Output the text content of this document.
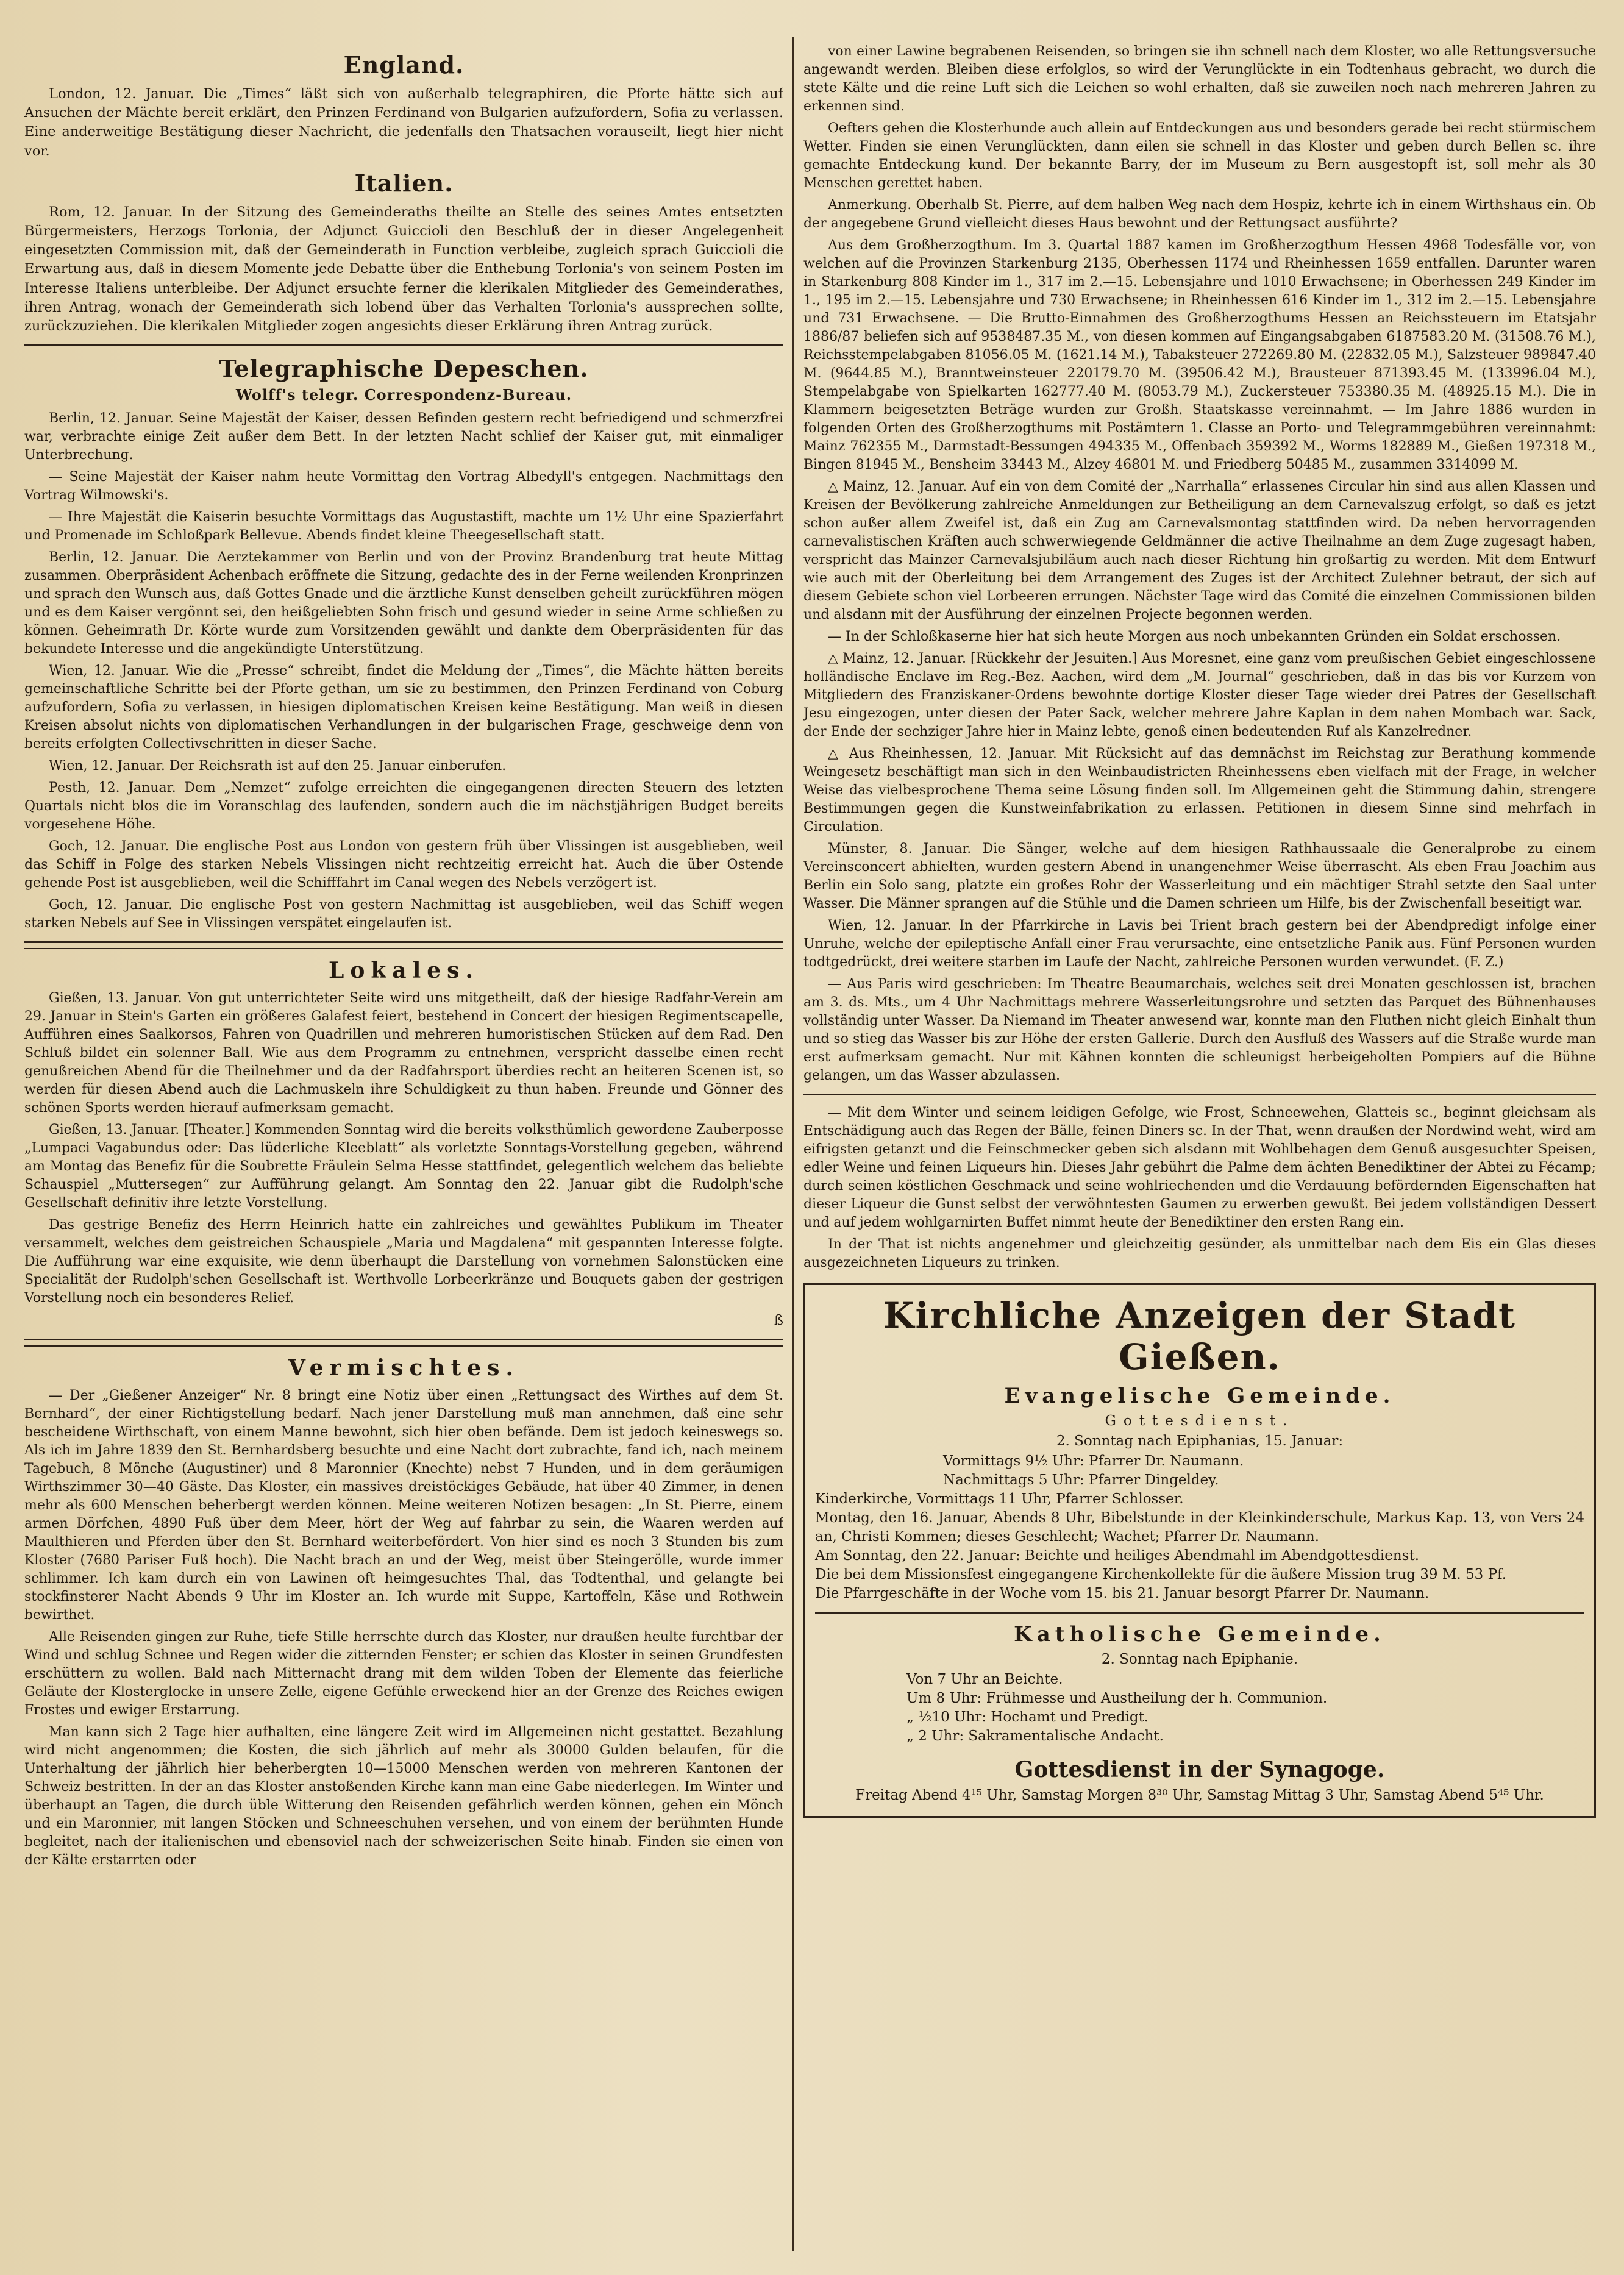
England.

London, 12. Januar. Die „Times“ läßt sich von außerhalb telegraphiren, die Pforte hätte sich auf Ansuchen der Mächte bereit erklärt, den Prinzen Ferdinand von Bulgarien aufzufordern, Sofia zu verlassen. Eine anderweitige Bestätigung dieser Nachricht, die jedenfalls den Thatsachen vorauseilt, liegt hier nicht vor.

Italien.

Rom, 12. Januar. In der Sitzung des Gemeinderaths theilte an Stelle des seines Amtes entsetzten Bürgermeisters, Herzogs Torlonia, der Adjunct Guiccioli den Beschluß der in dieser Angelegenheit eingesetzten Commission mit, daß der Gemeinderath in Function verbleibe, zugleich sprach Guiccioli die Erwartung aus, daß in diesem Momente jede Debatte über die Enthebung Torlonia's von seinem Posten im Interesse Italiens unterbleibe. Der Adjunct ersuchte ferner die klerikalen Mitglieder des Gemeinderathes, ihren Antrag, wonach der Gemeinderath sich lobend über das Verhalten Torlonia's aussprechen sollte, zurückzuziehen. Die klerikalen Mitglieder zogen angesichts dieser Erklärung ihren Antrag zurück.

Telegraphische Depeschen.
Wolff's telegr. Correspondenz-Bureau.

Berlin, 12. Januar. Seine Majestät der Kaiser, dessen Befinden gestern recht befriedigend und schmerzfrei war, verbrachte einige Zeit außer dem Bett. In der letzten Nacht schlief der Kaiser gut, mit einmaliger Unterbrechung.

— Seine Majestät der Kaiser nahm heute Vormittag den Vortrag Albedyll's entgegen. Nachmittags den Vortrag Wilmowski's.

— Ihre Majestät die Kaiserin besuchte Vormittags das Augustastift, machte um 1½ Uhr eine Spazierfahrt und Promenade im Schloßpark Bellevue. Abends findet kleine Theegesellschaft statt.

Berlin, 12. Januar. Die Aerztekammer von Berlin und von der Provinz Brandenburg trat heute Mittag zusammen. Oberpräsident Achenbach eröffnete die Sitzung, gedachte des in der Ferne weilenden Kronprinzen und sprach den Wunsch aus, daß Gottes Gnade und die ärztliche Kunst denselben geheilt zurückführen mögen und es dem Kaiser vergönnt sei, den heißgeliebten Sohn frisch und gesund wieder in seine Arme schließen zu können. Geheimrath Dr. Körte wurde zum Vorsitzenden gewählt und dankte dem Oberpräsidenten für das bekundete Interesse und die angekündigte Unterstützung.

Wien, 12. Januar. Wie die „Presse“ schreibt, findet die Meldung der „Times“, die Mächte hätten bereits gemeinschaftliche Schritte bei der Pforte gethan, um sie zu bestimmen, den Prinzen Ferdinand von Coburg aufzufordern, Sofia zu verlassen, in hiesigen diplomatischen Kreisen keine Bestätigung. Man weiß in diesen Kreisen absolut nichts von diplomatischen Verhandlungen in der bulgarischen Frage, geschweige denn von bereits erfolgten Collectivschritten in dieser Sache.

Wien, 12. Januar. Der Reichsrath ist auf den 25. Januar einberufen.

Pesth, 12. Januar. Dem „Nemzet“ zufolge erreichten die eingegangenen directen Steuern des letzten Quartals nicht blos die im Voranschlag des laufenden, sondern auch die im nächstjährigen Budget bereits vorgesehene Höhe.

Goch, 12. Januar. Die englische Post aus London von gestern früh über Vlissingen ist ausgeblieben, weil das Schiff in Folge des starken Nebels Vlissingen nicht rechtzeitig erreicht hat. Auch die über Ostende gehende Post ist ausgeblieben, weil die Schifffahrt im Canal wegen des Nebels verzögert ist.

Goch, 12. Januar. Die englische Post von gestern Nachmittag ist ausgeblieben, weil das Schiff wegen starken Nebels auf See in Vlissingen verspätet eingelaufen ist.

Lokales.

Gießen, 13. Januar. Von gut unterrichteter Seite wird uns mitgetheilt, daß der hiesige Radfahr-Verein am 29. Januar in Stein's Garten ein größeres Galafest feiert, bestehend in Concert der hiesigen Regimentscapelle, Aufführen eines Saalkorsos, Fahren von Quadrillen und mehreren humoristischen Stücken auf dem Rad. Den Schluß bildet ein solenner Ball. Wie aus dem Programm zu entnehmen, verspricht dasselbe einen recht genußreichen Abend für die Theilnehmer und da der Radfahrsport überdies recht an heiteren Scenen ist, so werden für diesen Abend auch die Lachmuskeln ihre Schuldigkeit zu thun haben. Freunde und Gönner des schönen Sports werden hierauf aufmerksam gemacht.

Gießen, 13. Januar. [Theater.] Kommenden Sonntag wird die bereits volksthümlich gewordene Zauberposse „Lumpaci Vagabundus oder: Das lüderliche Kleeblatt“ als vorletzte Sonntags-Vorstellung gegeben, während am Montag das Benefiz für die Soubrette Fräulein Selma Hesse stattfindet, gelegentlich welchem das beliebte Schauspiel „Muttersegen“ zur Aufführung gelangt. Am Sonntag den 22. Januar gibt die Rudolph'sche Gesellschaft definitiv ihre letzte Vorstellung.

Das gestrige Benefiz des Herrn Heinrich hatte ein zahlreiches und gewähltes Publikum im Theater versammelt, welches dem geistreichen Schauspiele „Maria und Magdalena“ mit gespannten Interesse folgte. Die Aufführung war eine exquisite, wie denn überhaupt die Darstellung von vornehmen Salonstücken eine Specialität der Rudolph'schen Gesellschaft ist. Werthvolle Lorbeerkränze und Bouquets gaben der gestrigen Vorstellung noch ein besonderes Relief.

ß

Vermischtes.

— Der „Gießener Anzeiger“ Nr. 8 bringt eine Notiz über einen „Rettungsact des Wirthes auf dem St. Bernhard“, der einer Richtigstellung bedarf. Nach jener Darstellung muß man annehmen, daß eine sehr bescheidene Wirthschaft, von einem Manne bewohnt, sich hier oben befände. Dem ist jedoch keineswegs so. Als ich im Jahre 1839 den St. Bernhardsberg besuchte und eine Nacht dort zubrachte, fand ich, nach meinem Tagebuch, 8 Mönche (Augustiner) und 8 Maronnier (Knechte) nebst 7 Hunden, und in dem geräumigen Wirthszimmer 30—40 Gäste. Das Kloster, ein massives dreistöckiges Gebäude, hat über 40 Zimmer, in denen mehr als 600 Menschen beherbergt werden können. Meine weiteren Notizen besagen: „In St. Pierre, einem armen Dörfchen, 4890 Fuß über dem Meer, hört der Weg auf fahrbar zu sein, die Waaren werden auf Maulthieren und Pferden über den St. Bernhard weiterbefördert. Von hier sind es noch 3 Stunden bis zum Kloster (7680 Pariser Fuß hoch). Die Nacht brach an und der Weg, meist über Steingerölle, wurde immer schlimmer. Ich kam durch ein von Lawinen oft heimgesuchtes Thal, das Todtenthal, und gelangte bei stockfinsterer Nacht Abends 9 Uhr im Kloster an. Ich wurde mit Suppe, Kartoffeln, Käse und Rothwein bewirthet.

Alle Reisenden gingen zur Ruhe, tiefe Stille herrschte durch das Kloster, nur draußen heulte furchtbar der Wind und schlug Schnee und Regen wider die zitternden Fenster; er schien das Kloster in seinen Grundfesten erschüttern zu wollen. Bald nach Mitternacht drang mit dem wilden Toben der Elemente das feierliche Geläute der Klosterglocke in unsere Zelle, eigene Gefühle erweckend hier an der Grenze des Reiches ewigen Frostes und ewiger Erstarrung.

Man kann sich 2 Tage hier aufhalten, eine längere Zeit wird im Allgemeinen nicht gestattet. Bezahlung wird nicht angenommen; die Kosten, die sich jährlich auf mehr als 30000 Gulden belaufen, für die Unterhaltung der jährlich hier beherbergten 10—15000 Menschen werden von mehreren Kantonen der Schweiz bestritten. In der an das Kloster anstoßenden Kirche kann man eine Gabe niederlegen. Im Winter und überhaupt an Tagen, die durch üble Witterung den Reisenden gefährlich werden können, gehen ein Mönch und ein Maronnier, mit langen Stöcken und Schneeschuhen versehen, und von einem der berühmten Hunde begleitet, nach der italienischen und ebensoviel nach der schweizerischen Seite hinab. Finden sie einen von der Kälte erstarrten oder

von einer Lawine begrabenen Reisenden, so bringen sie ihn schnell nach dem Kloster, wo alle Rettungsversuche angewandt werden. Bleiben diese erfolglos, so wird der Verunglückte in ein Todtenhaus gebracht, wo durch die stete Kälte und die reine Luft sich die Leichen so wohl erhalten, daß sie zuweilen noch nach mehreren Jahren zu erkennen sind.

Oefters gehen die Klosterhunde auch allein auf Entdeckungen aus und besonders gerade bei recht stürmischem Wetter. Finden sie einen Verunglückten, dann eilen sie schnell in das Kloster und geben durch Bellen sc. ihre gemachte Entdeckung kund. Der bekannte Barry, der im Museum zu Bern ausgestopft ist, soll mehr als 30 Menschen gerettet haben.

Anmerkung. Oberhalb St. Pierre, auf dem halben Weg nach dem Hospiz, kehrte ich in einem Wirthshaus ein. Ob der angegebene Grund vielleicht dieses Haus bewohnt und der Rettungsact ausführte?

Aus dem Großherzogthum. Im 3. Quartal 1887 kamen im Großherzogthum Hessen 4968 Todesfälle vor, von welchen auf die Provinzen Starkenburg 2135, Oberhessen 1174 und Rheinhessen 1659 entfallen. Darunter waren in Starkenburg 808 Kinder im 1., 317 im 2.—15. Lebensjahre und 1010 Erwachsene; in Oberhessen 249 Kinder im 1., 195 im 2.—15. Lebensjahre und 730 Erwachsene; in Rheinhessen 616 Kinder im 1., 312 im 2.—15. Lebensjahre und 731 Erwachsene. — Die Brutto-Einnahmen des Großherzogthums Hessen an Reichssteuern im Etatsjahr 1886/87 beliefen sich auf 9538487.35 M., von diesen kommen auf Eingangsabgaben 6187583.20 M. (31508.76 M.), Reichsstempelabgaben 81056.05 M. (1621.14 M.), Tabaksteuer 272269.80 M. (22832.05 M.), Salzsteuer 989847.40 M. (9644.85 M.), Branntweinsteuer 220179.70 M. (39506.42 M.), Brausteuer 871393.45 M. (133996.04 M.), Stempelabgabe von Spielkarten 162777.40 M. (8053.79 M.), Zuckersteuer 753380.35 M. (48925.15 M.). Die in Klammern beigesetzten Beträge wurden zur Großh. Staatskasse vereinnahmt. — Im Jahre 1886 wurden in folgenden Orten des Großherzogthums mit Postämtern 1. Classe an Porto- und Telegrammgebühren vereinnahmt: Mainz 762355 M., Darmstadt-Bessungen 494335 M., Offenbach 359392 M., Worms 182889 M., Gießen 197318 M., Bingen 81945 M., Bensheim 33443 M., Alzey 46801 M. und Friedberg 50485 M., zusammen 3314099 M.

△ Mainz, 12. Januar. Auf ein von dem Comité der „Narrhalla“ erlassenes Circular hin sind aus allen Klassen und Kreisen der Bevölkerung zahlreiche Anmeldungen zur Betheiligung an dem Carnevalszug erfolgt, so daß es jetzt schon außer allem Zweifel ist, daß ein Zug am Carnevalsmontag stattfinden wird. Da neben hervorragenden carnevalistischen Kräften auch schwerwiegende Geldmänner die active Theilnahme an dem Zuge zugesagt haben, verspricht das Mainzer Carnevalsjubiläum auch nach dieser Richtung hin großartig zu werden. Mit dem Entwurf wie auch mit der Oberleitung bei dem Arrangement des Zuges ist der Architect Zulehner betraut, der sich auf diesem Gebiete schon viel Lorbeeren errungen. Nächster Tage wird das Comité die einzelnen Commissionen bilden und alsdann mit der Ausführung der einzelnen Projecte begonnen werden.

— In der Schloßkaserne hier hat sich heute Morgen aus noch unbekannten Gründen ein Soldat erschossen.

△ Mainz, 12. Januar. [Rückkehr der Jesuiten.] Aus Moresnet, eine ganz vom preußischen Gebiet eingeschlossene holländische Enclave im Reg.-Bez. Aachen, wird dem „M. Journal“ geschrieben, daß in das bis vor Kurzem von Mitgliedern des Franziskaner-Ordens bewohnte dortige Kloster dieser Tage wieder drei Patres der Gesellschaft Jesu eingezogen, unter diesen der Pater Sack, welcher mehrere Jahre Kaplan in dem nahen Mombach war. Sack, der Ende der sechziger Jahre hier in Mainz lebte, genoß einen bedeutenden Ruf als Kanzelredner.

△ Aus Rheinhessen, 12. Januar. Mit Rücksicht auf das demnächst im Reichstag zur Berathung kommende Weingesetz beschäftigt man sich in den Weinbaudistricten Rheinhessens eben vielfach mit der Frage, in welcher Weise das vielbesprochene Thema seine Lösung finden soll. Im Allgemeinen geht die Stimmung dahin, strengere Bestimmungen gegen die Kunstweinfabrikation zu erlassen. Petitionen in diesem Sinne sind mehrfach in Circulation.

Münster, 8. Januar. Die Sänger, welche auf dem hiesigen Rathhaussaale die Generalprobe zu einem Vereinsconcert abhielten, wurden gestern Abend in unangenehmer Weise überrascht. Als eben Frau Joachim aus Berlin ein Solo sang, platzte ein großes Rohr der Wasserleitung und ein mächtiger Strahl setzte den Saal unter Wasser. Die Männer sprangen auf die Stühle und die Damen schrieen um Hilfe, bis der Zwischenfall beseitigt war.

Wien, 12. Januar. In der Pfarrkirche in Lavis bei Trient brach gestern bei der Abendpredigt infolge einer Unruhe, welche der epileptische Anfall einer Frau verursachte, eine entsetzliche Panik aus. Fünf Personen wurden todtgedrückt, drei weitere starben im Laufe der Nacht, zahlreiche Personen wurden verwundet. (F. Z.)

— Aus Paris wird geschrieben: Im Theatre Beaumarchais, welches seit drei Monaten geschlossen ist, brachen am 3. ds. Mts., um 4 Uhr Nachmittags mehrere Wasserleitungsrohre und setzten das Parquet des Bühnenhauses vollständig unter Wasser. Da Niemand im Theater anwesend war, konnte man den Fluthen nicht gleich Einhalt thun und so stieg das Wasser bis zur Höhe der ersten Gallerie. Durch den Ausfluß des Wassers auf die Straße wurde man erst aufmerksam gemacht. Nur mit Kähnen konnten die schleunigst herbeigeholten Pompiers auf die Bühne gelangen, um das Wasser abzulassen.

— Mit dem Winter und seinem leidigen Gefolge, wie Frost, Schneewehen, Glatteis sc., beginnt gleichsam als Entschädigung auch das Regen der Bälle, feinen Diners sc. In der That, wenn draußen der Nordwind weht, wird am eifrigsten getanzt und die Feinschmecker geben sich alsdann mit Wohlbehagen dem Genuß ausgesuchter Speisen, edler Weine und feinen Liqueurs hin. Dieses Jahr gebührt die Palme dem ächten Benediktiner der Abtei zu Fécamp; durch seinen köstlichen Geschmack und seine wohlriechenden und die Verdauung befördernden Eigenschaften hat dieser Liqueur die Gunst selbst der verwöhntesten Gaumen zu erwerben gewußt. Bei jedem vollständigen Dessert und auf jedem wohlgarnirten Buffet nimmt heute der Benediktiner den ersten Rang ein.

In der That ist nichts angenehmer und gleichzeitig gesünder, als unmittelbar nach dem Eis ein Glas dieses ausgezeichneten Liqueurs zu trinken.

Kirchliche Anzeigen der Stadt Gießen.
Evangelische Gemeinde.

Gottesdienst.

2. Sonntag nach Epiphanias, 15. Januar:

Vormittags 9½ Uhr: Pfarrer Dr. Naumann.

Nachmittags 5 Uhr: Pfarrer Dingeldey.

Kinderkirche, Vormittags 11 Uhr, Pfarrer Schlosser.

Montag, den 16. Januar, Abends 8 Uhr, Bibelstunde in der Kleinkinderschule, Markus Kap. 13, von Vers 24 an, Christi Kommen; dieses Geschlecht; Wachet; Pfarrer Dr. Naumann.

Am Sonntag, den 22. Januar: Beichte und heiliges Abendmahl im Abendgottesdienst.

Die bei dem Missionsfest eingegangene Kirchenkollekte für die äußere Mission trug 39 M. 53 Pf.

Die Pfarrgeschäfte in der Woche vom 15. bis 21. Januar besorgt Pfarrer Dr. Naumann.

Katholische Gemeinde.

2. Sonntag nach Epiphanie.

Von 7 Uhr an Beichte.

Um 8 Uhr: Frühmesse und Austheilung der h. Communion.

„ ½10 Uhr: Hochamt und Predigt.

„ 2 Uhr: Sakramentalische Andacht.

Gottesdienst in der Synagoge.

Freitag Abend 4¹⁵ Uhr, Samstag Morgen 8³⁰ Uhr, Samstag Mittag 3 Uhr, Samstag Abend 5⁴⁵ Uhr.
